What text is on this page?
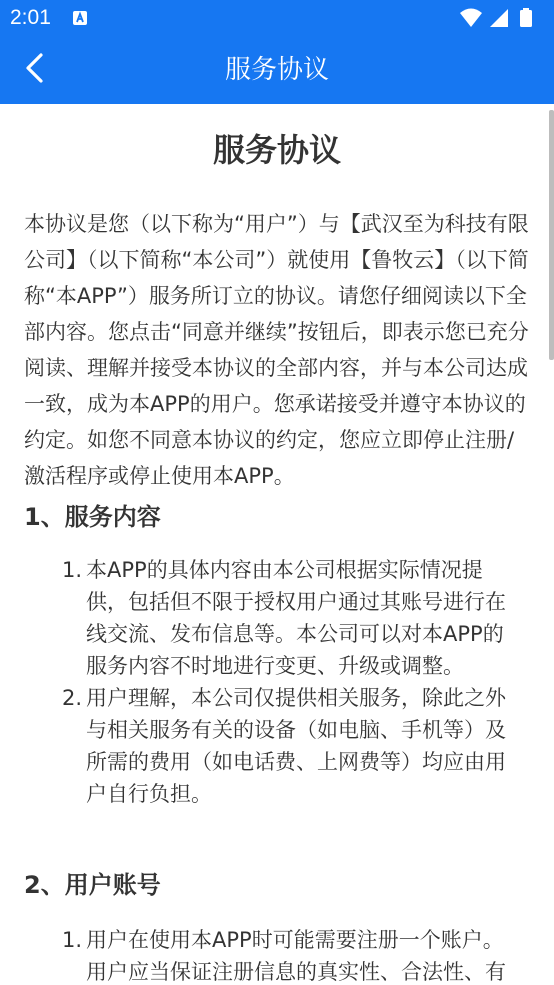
2:01
服务协议
服务协议

本协议是您（以下称为“用户”）与【武汉至为科技有限公司】（以下简称“本公司”）就使用【鲁牧云】（以下简称“本APP”）服务所订立的协议。请您仔细阅读以下全部内容。您点击“同意并继续”按钮后，即表示您已充分阅读、理解并接受本协议的全部内容，并与本公司达成一致，成为本APP的用户。您承诺接受并遵守本协议的约定。如您不同意本协议的约定，您应立即停止注册/激活程序或停止使用本APP。

1、服务内容
1. 本APP的具体内容由本公司根据实际情况提供，包括但不限于授权用户通过其账号进行在线交流、发布信息等。本公司可以对本APP的服务内容不时地进行变更、升级或调整。
2. 用户理解，本公司仅提供相关服务，除此之外与相关服务有关的设备（如电脑、手机等）及所需的费用（如电话费、上网费等）均应由用户自行负担。
2、用户账号
1. 用户在使用本APP时可能需要注册一个账户。用户应当保证注册信息的真实性、合法性、有
